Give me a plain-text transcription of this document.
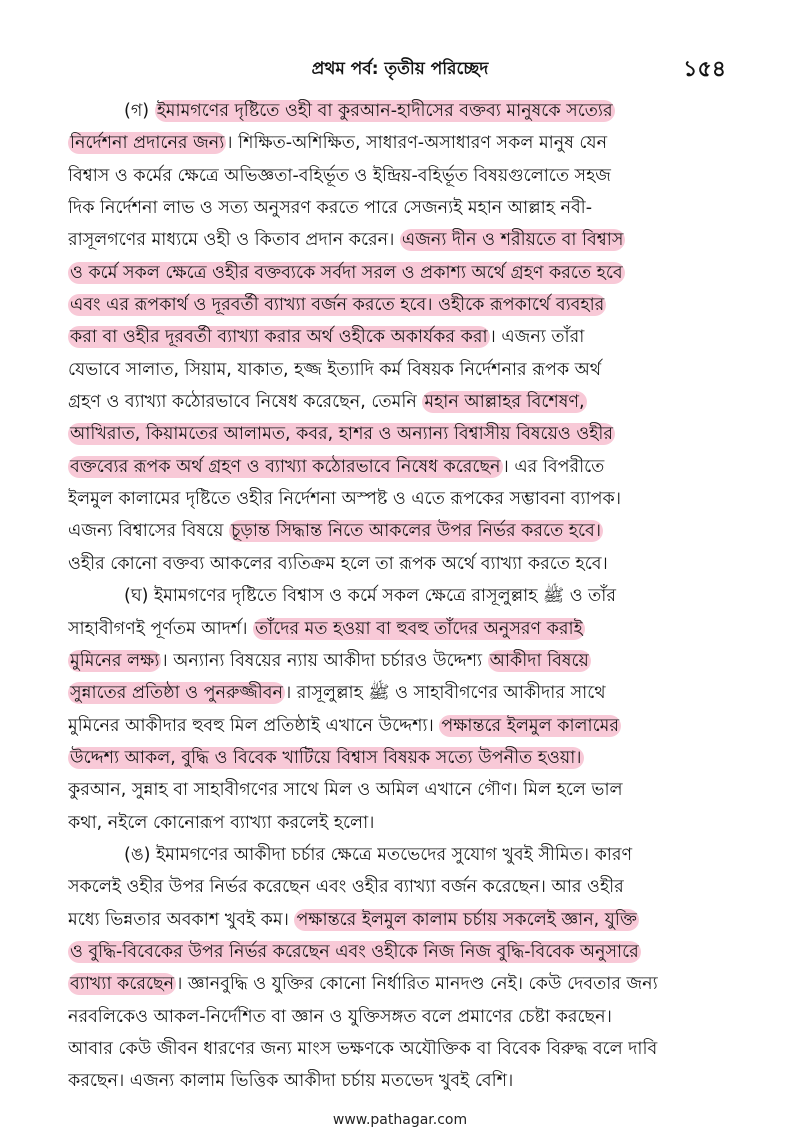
প্রথম পর্ব: তৃতীয় পরিচ্ছেদ	১৫৪
(গ) ইমামগণের দৃষ্টিতে ওহী বা কুরআন-হাদীসের বক্তব্য মানুষকে সত্যের
নির্দেশনা প্রদানের জন্য । শিক্ষিত-অশিক্ষিত, সাধারণ-অসাধারণ সকল মানুষ যেন
বিশ্বাস ও কর্মের ক্ষেত্রে অভিজ্ঞতা-বহির্ভূত ও ইন্দ্রিয়-বহির্ভূত বিষয়গুলোতে সহজ
দিক নির্দেশনা লাভ ও সত্য অনুসরণ করতে পারে সেজন্যই মহান আল্লাহ নবী-
রাসূলগণের মাধ্যমে ওহী ও কিতাব প্রদান করেন। এজন্য দীন ও শরীয়তে বা বিশ্বাস
ও কর্মে সকল ক্ষেত্রে ওহীর বক্তব্যকে সর্বদা সরল ও প্রকাশ্য অর্থে গ্রহণ করতে হবে
এবং এর রূপকার্থ ও দূরবর্তী ব্যাখ্যা বর্জন করতে হবে। ওহীকে রূপকার্থে ব্যবহার
করা বা ওহীর দূরবর্তী ব্যাখ্যা করার অর্থ ওহীকে অকার্যকর করা । এজন্য তাঁরা
যেভাবে সালাত, সিয়াম, যাকাত, হজ্জ ইত্যাদি কর্ম বিষয়ক নির্দেশনার রূপক অর্থ
গ্রহণ ও ব্যাখ্যা কঠোরভাবে নিষেধ করেছেন, তেমনি মহান আল্লাহর বিশেষণ,
আখিরাত, কিয়ামতের আলামত, কবর, হাশর ও অন্যান্য বিশ্বাসীয় বিষয়েও ওহীর
বক্তব্যের রূপক অর্থ গ্রহণ ও ব্যাখ্যা কঠোরভাবে নিষেধ করেছেন । এর বিপরীতে
ইলমুল কালামের দৃষ্টিতে ওহীর নির্দেশনা অস্পষ্ট ও এতে রূপকের সম্ভাবনা ব্যাপক।
এজন্য বিশ্বাসের বিষয়ে চূড়ান্ত সিদ্ধান্ত নিতে আকলের উপর নির্ভর করতে হবে।
ওহীর কোনো বক্তব্য আকলের ব্যতিক্রম হলে তা রূপক অর্থে ব্যাখ্যা করতে হবে।
(ঘ) ইমামগণের দৃষ্টিতে বিশ্বাস ও কর্মে সকল ক্ষেত্রে রাসূলুল্লাহ ﷺ ও তাঁর
সাহাবীগণই পূর্ণতম আদর্শ। তাঁদের মত হওয়া বা হুবহু তাঁদের অনুসরণ করাই
মুমিনের লক্ষ্য । অন্যান্য বিষয়ের ন্যায় আকীদা চর্চারও উদ্দেশ্য আকীদা বিষয়ে
সুন্নাতের প্রতিষ্ঠা ও পুনরুজ্জীবন । রাসূলুল্লাহ ﷺ ও সাহাবীগণের আকীদার সাথে
মুমিনের আকীদার হুবহু মিল প্রতিষ্ঠাই এখানে উদ্দেশ্য। পক্ষান্তরে ইলমুল কালামের
উদ্দেশ্য আকল, বুদ্ধি ও বিবেক খাটিয়ে বিশ্বাস বিষয়ক সত্যে উপনীত হওয়া।
কুরআন, সুন্নাহ বা সাহাবীগণের সাথে মিল ও অমিল এখানে গৌণ। মিল হলে ভাল
কথা, নইলে কোনোরূপ ব্যাখ্যা করলেই হলো।
(ঙ) ইমামগণের আকীদা চর্চার ক্ষেত্রে মতভেদের সুযোগ খুবই সীমিত। কারণ
সকলেই ওহীর উপর নির্ভর করেছেন এবং ওহীর ব্যাখ্যা বর্জন করেছেন। আর ওহীর
মধ্যে ভিন্নতার অবকাশ খুবই কম। পক্ষান্তরে ইলমুল কালাম চর্চায় সকলেই জ্ঞান, যুক্তি
ও বুদ্ধি-বিবেকের উপর নির্ভর করেছেন এবং ওহীকে নিজ নিজ বুদ্ধি-বিবেক অনুসারে
ব্যাখ্যা করেছেন । জ্ঞানবুদ্ধি ও যুক্তির কোনো নির্ধারিত মানদণ্ড নেই। কেউ দেবতার জন্য
নরবলিকেও আকল-নির্দেশিত বা জ্ঞান ও যুক্তিসঙ্গত বলে প্রমাণের চেষ্টা করছেন।
আবার কেউ জীবন ধারণের জন্য মাংস ভক্ষণকে অযৌক্তিক বা বিবেক বিরুদ্ধ বলে দাবি
করছেন। এজন্য কালাম ভিত্তিক আকীদা চর্চায় মতভেদ খুবই বেশি।
www.pathagar.com
